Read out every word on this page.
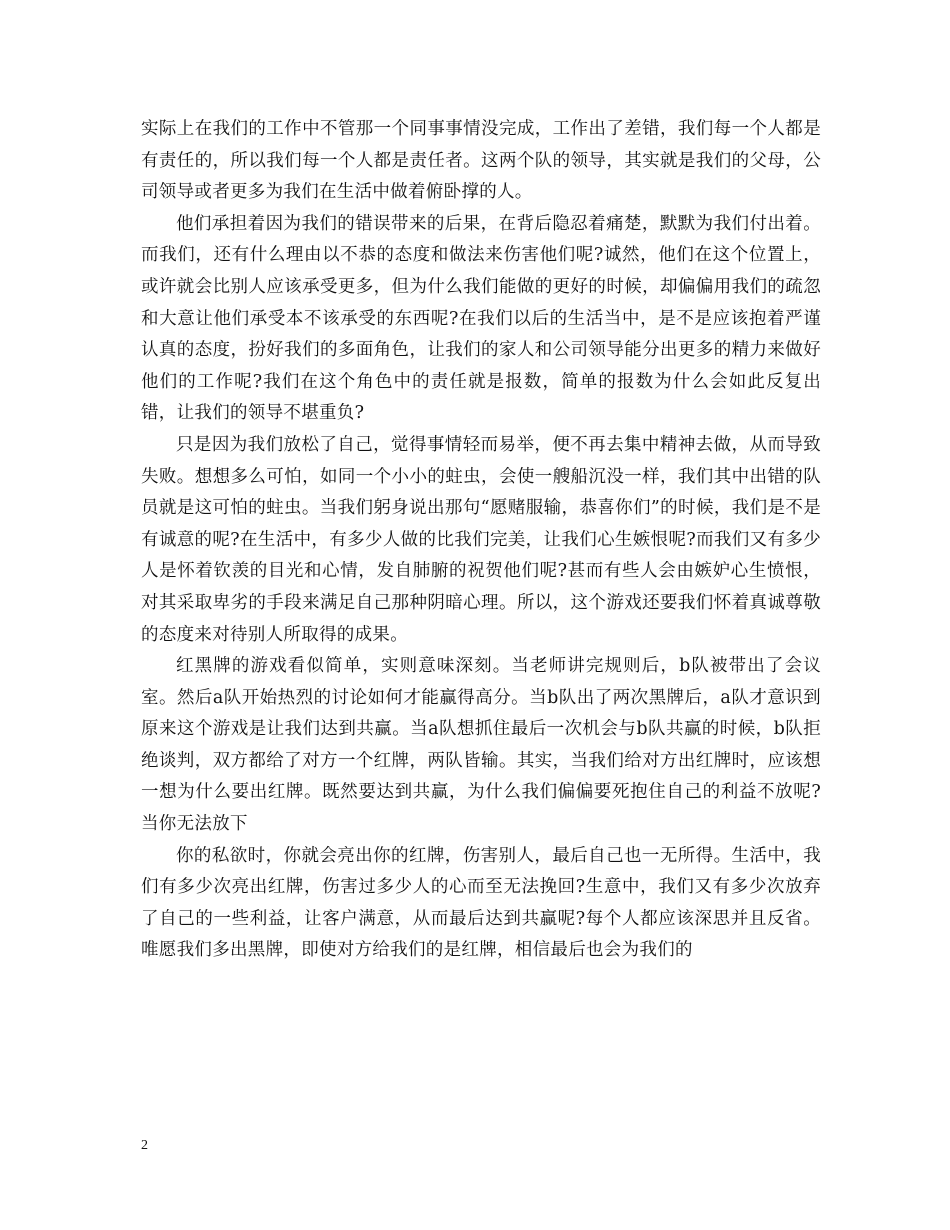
实际上在我们的工作中不管那一个同事事情没完成，工作出了差错，我们每一个人都是有责任的，所以我们每一个人都是责任者。这两个队的领导，其实就是我们的父母，公司领导或者更多为我们在生活中做着俯卧撑的人。

他们承担着因为我们的错误带来的后果，在背后隐忍着痛楚，默默为我们付出着。而我们，还有什么理由以不恭的态度和做法来伤害他们呢?诚然，他们在这个位置上，或许就会比别人应该承受更多，但为什么我们能做的更好的时候，却偏偏用我们的疏忽和大意让他们承受本不该承受的东西呢?在我们以后的生活当中，是不是应该抱着严谨认真的态度，扮好我们的多面角色，让我们的家人和公司领导能分出更多的精力来做好他们的工作呢?我们在这个角色中的责任就是报数，简单的报数为什么会如此反复出错，让我们的领导不堪重负?

只是因为我们放松了自己，觉得事情轻而易举，便不再去集中精神去做，从而导致失败。想想多么可怕，如同一个小小的蛀虫，会使一艘船沉没一样，我们其中出错的队员就是这可怕的蛀虫。当我们躬身说出那句“愿赌服输，恭喜你们”的时候，我们是不是有诚意的呢?在生活中，有多少人做的比我们完美，让我们心生嫉恨呢?而我们又有多少人是怀着钦羡的目光和心情，发自肺腑的祝贺他们呢?甚而有些人会由嫉妒心生愤恨，对其采取卑劣的手段来满足自己那种阴暗心理。所以，这个游戏还要我们怀着真诚尊敬的态度来对待别人所取得的成果。

红黑牌的游戏看似简单，实则意味深刻。当老师讲完规则后，b队被带出了会议室。然后a队开始热烈的讨论如何才能赢得高分。当b队出了两次黑牌后，a队才意识到原来这个游戏是让我们达到共赢。当a队想抓住最后一次机会与b队共赢的时候，b队拒绝谈判，双方都给了对方一个红牌，两队皆输。其实，当我们给对方出红牌时，应该想一想为什么要出红牌。既然要达到共赢，为什么我们偏偏要死抱住自己的利益不放呢?当你无法放下

你的私欲时，你就会亮出你的红牌，伤害别人，最后自己也一无所得。生活中，我们有多少次亮出红牌，伤害过多少人的心而至无法挽回?生意中，我们又有多少次放弃了自己的一些利益，让客户满意，从而最后达到共赢呢?每个人都应该深思并且反省。唯愿我们多出黑牌，即使对方给我们的是红牌，相信最后也会为我们的

2
